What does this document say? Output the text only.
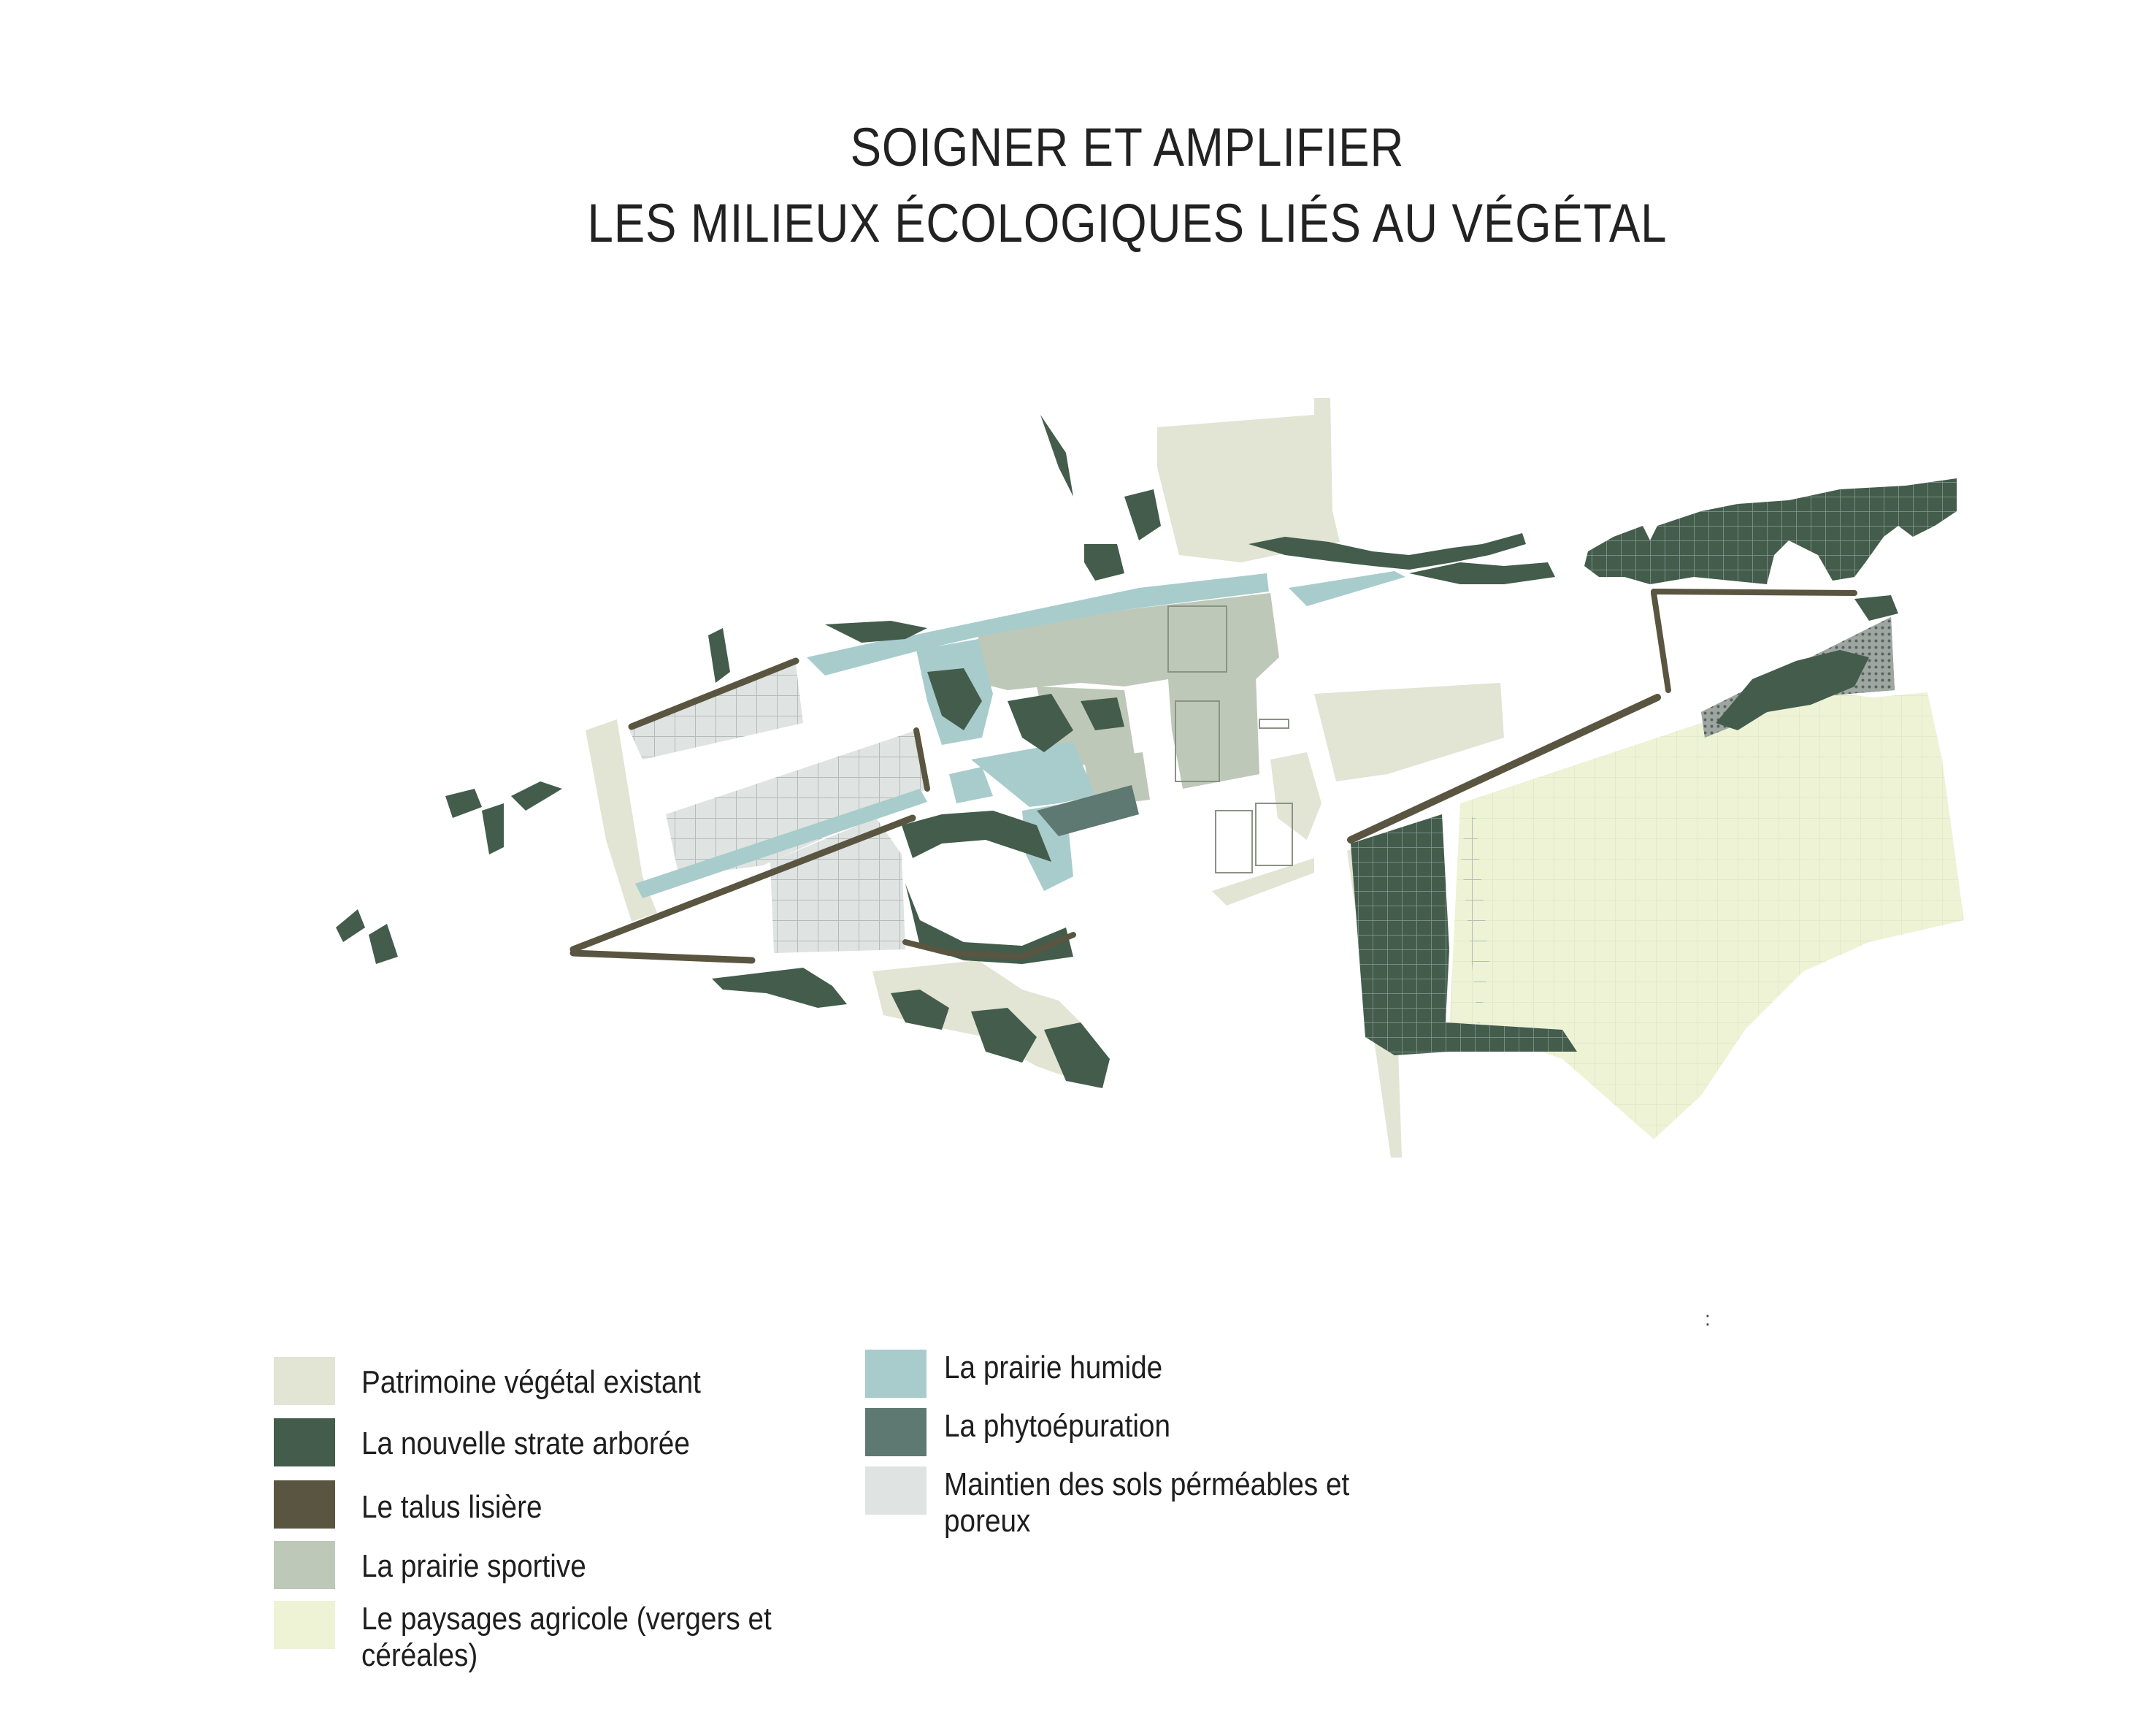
SOIGNER ET AMPLIFIER
LES MILIEUX ÉCOLOGIQUES LIÉS AU VÉGÉTAL
Patrimoine végétal existant
La nouvelle strate arborée
Le talus lisière
La prairie sportive
Le paysages agricole (vergers et
céréales)
La prairie humide
La phytoépuration
Maintien des sols pérméables et
poreux
:
